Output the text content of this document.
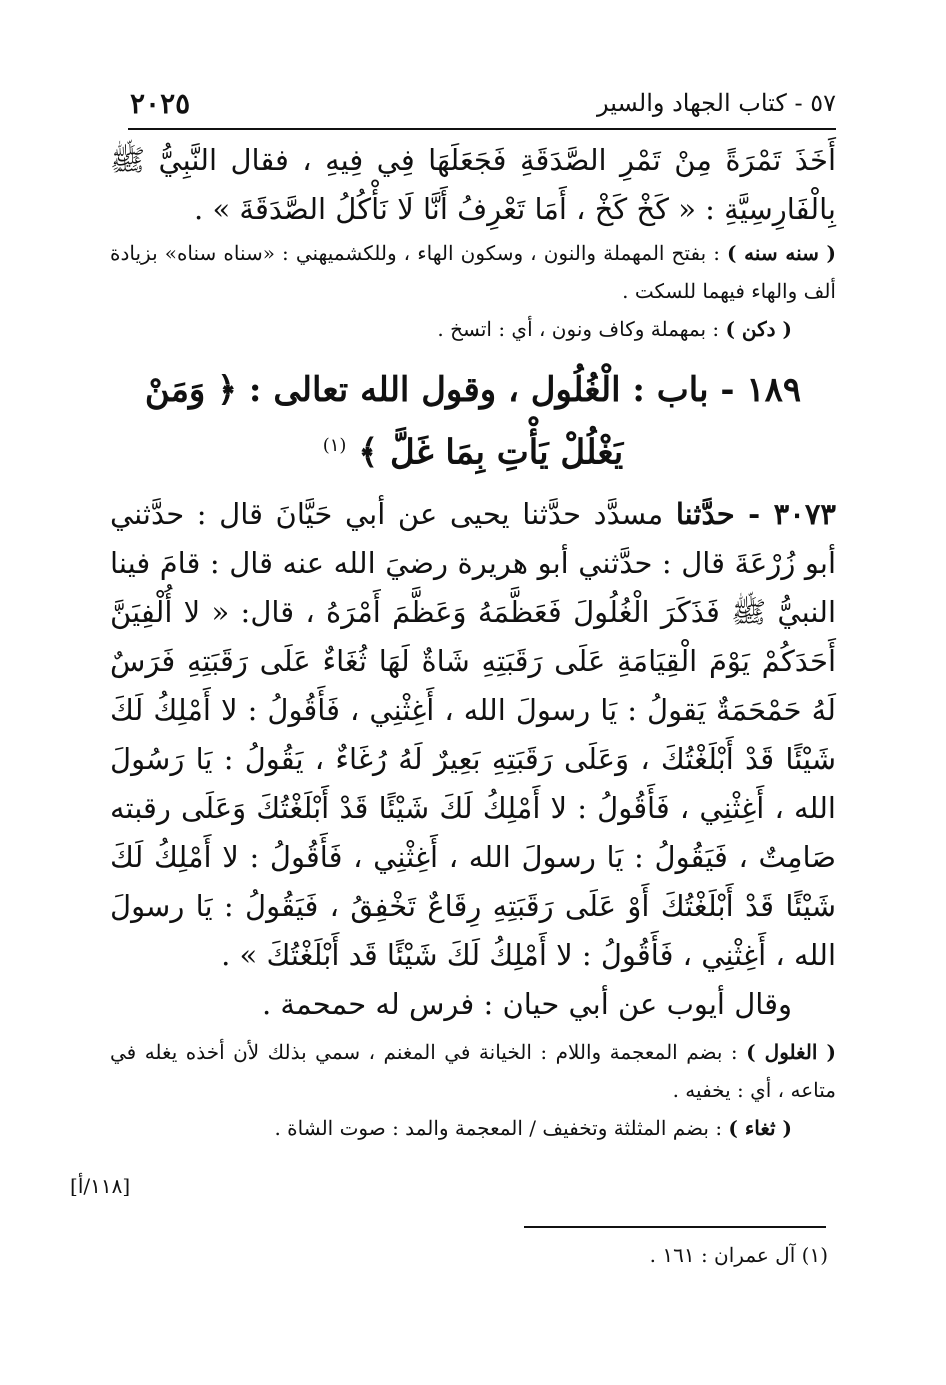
٥٧ - كتاب الجهاد والسير
٢٠٢٥

أَخَذَ تَمْرَةً مِنْ تَمْرِ الصَّدَقَةِ فَجَعَلَهَا فِي فِيهِ ، فقال النَّبِيُّ ﷺ بِالْفَارِسِيَّةِ : « كَخْ كَخْ ، أَمَا تَعْرِفُ أَنَّا لَا نَأْكُلُ الصَّدَقَةَ » .

( سنه سنه ) : بفتح المهملة والنون ، وسكون الهاء ، وللكشميهني : «سناه سناه» بزيادة ألف والهاء فيهما للسكت .

( دكن ) : بمهملة وكاف ونون ، أي : اتسخ .

١٨٩ - باب : الْغُلُول ، وقول الله تعالى : ﴿ وَمَنْ يَغْلُلْ يَأْتِ بِمَا غَلَّ ﴾ $^{(١)}$

٣٠٧٣ - حدَّثنا مسدَّد حدَّثنا يحيى عن أبي حَيَّانَ قال : حدَّثني أبو زُرْعَةَ قال : حدَّثني أبو هريرة رضيَ الله عنه قال : قامَ فينا النبيُّ ﷺ فَذَكَرَ الْغُلُولَ فَعَظَّمَهُ وَعَظَّمَ أَمْرَهُ ، قال: « لا أُلْفِيَنَّ أَحَدَكُمْ يَوْمَ الْقِيَامَةِ عَلَى رَقَبَتِهِ شَاةٌ لَهَا ثُغَاءٌ عَلَى رَقَبَتِهِ فَرَسٌ لَهُ حَمْحَمَةٌ يَقولُ : يَا رسولَ الله ، أَغِثْنِي ، فَأَقُولُ : لا أَمْلِكُ لَكَ شَيْئًا قَدْ أَبْلَغْتُكَ ، وَعَلَى رَقَبَتِهِ بَعِيرٌ لَهُ رُغَاءٌ ، يَقُولُ : يَا رَسُولَ الله ، أَغِثْنِي ، فَأَقُولُ : لا أَمْلِكُ لَكَ شَيْئًا قَدْ أَبْلَغْتُكَ وَعَلَى رقبته صَامِتٌ ، فَيَقُولُ : يَا رسولَ الله ، أَغِثْنِي ، فَأَقُولُ : لا أَمْلِكُ لَكَ شَيْئًا قَدْ أَبْلَغْتُكَ أَوْ عَلَى رَقَبَتِهِ رِقَاعٌ تَخْفِقُ ، فَيَقُولُ : يَا رسولَ الله ، أَغِثْنِي ، فَأَقُولُ : لا أَمْلِكُ لَكَ شَيْئًا قَد أَبْلَغْتُكَ » .

وقال أيوب عن أبي حيان : فرس له حمحمة .

( الغلول ) : بضم المعجمة واللام : الخيانة في المغنم ، سمي بذلك لأن أخذه يغله في متاعه ، أي : يخفيه .

( ثغاء ) : بضم المثلثة وتخفيف / المعجمة والمد : صوت الشاة .

[١١٨/أ]
(١) آل عمران : ١٦١ .
